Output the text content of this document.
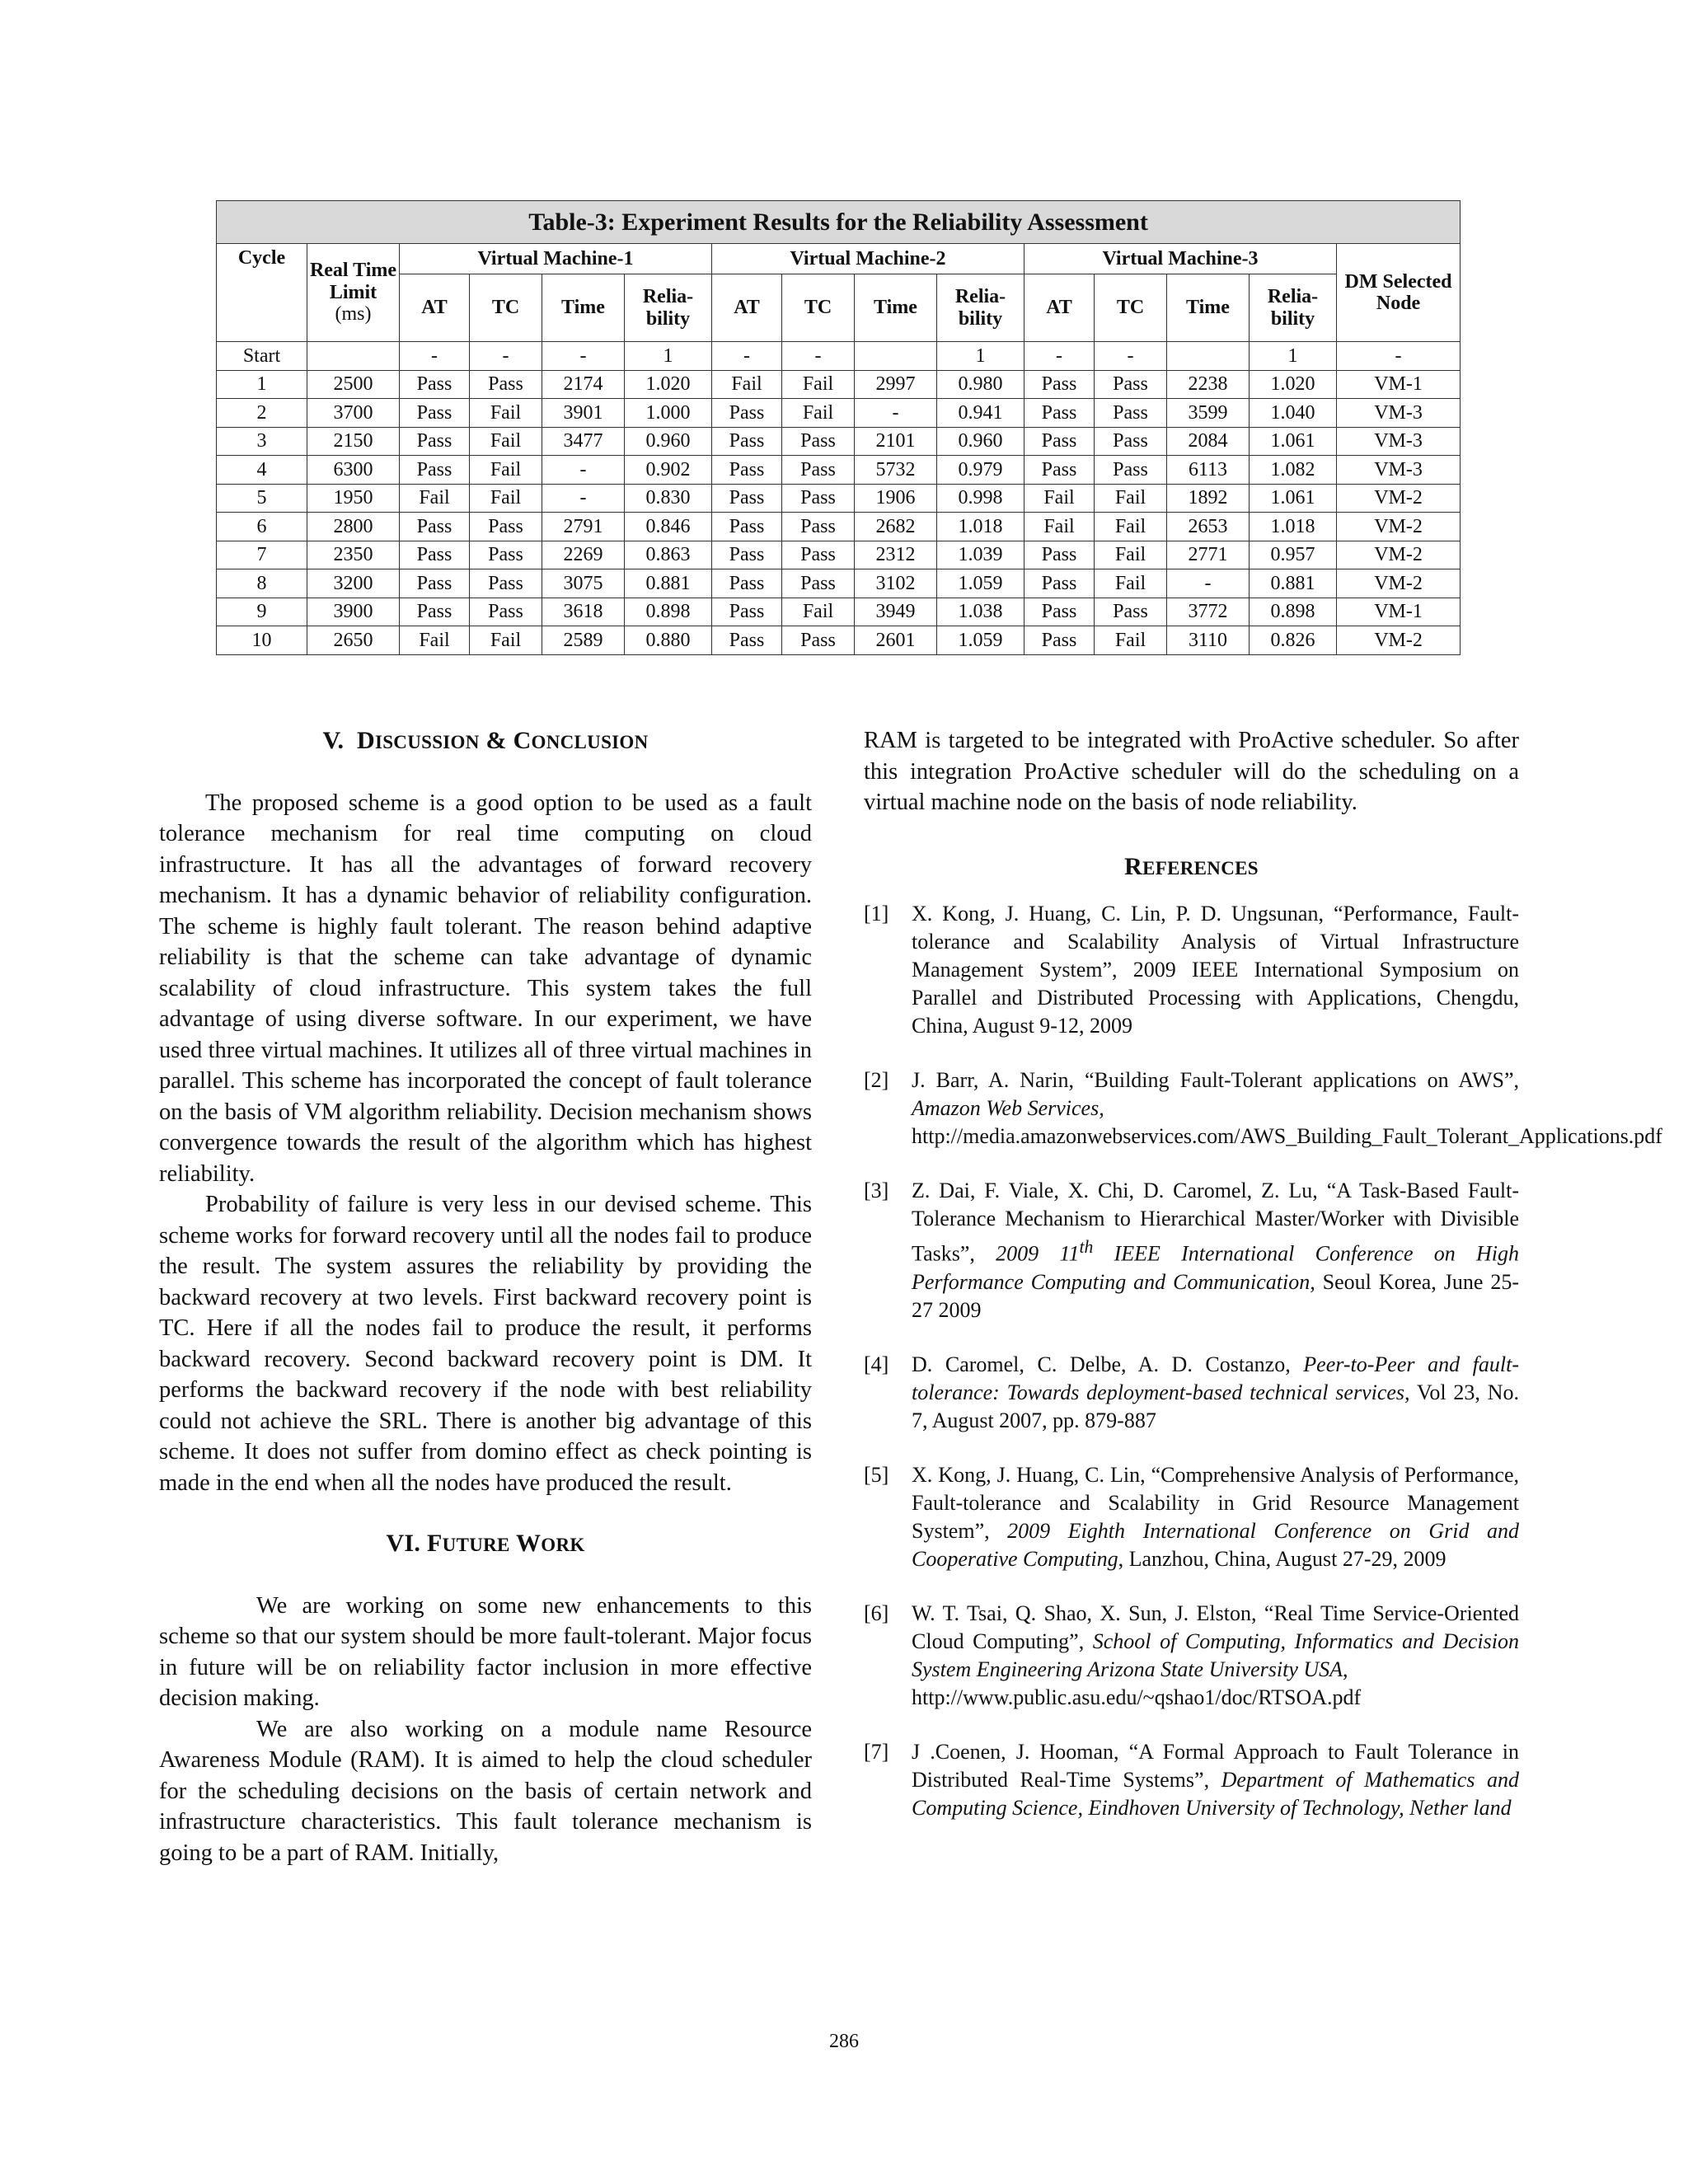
Table-3: Experiment Results for the Reliability Assessment														
Cycle	Real Time Limit
(ms)	Virtual Machine-1				Virtual Machine-2				Virtual Machine-3				DM Selected Node
		AT	TC	Time	Relia-bility	AT	TC	Time	Relia-bility	AT	TC	Time	Relia-bility	
Start		-	-	-	1	-	-		1	-	-		1	-
1	2500	Pass	Pass	2174	1.020	Fail	Fail	2997	0.980	Pass	Pass	2238	1.020	VM-1
2	3700	Pass	Fail	3901	1.000	Pass	Fail	-	0.941	Pass	Pass	3599	1.040	VM-3
3	2150	Pass	Fail	3477	0.960	Pass	Pass	2101	0.960	Pass	Pass	2084	1.061	VM-3
4	6300	Pass	Fail	-	0.902	Pass	Pass	5732	0.979	Pass	Pass	6113	1.082	VM-3
5	1950	Fail	Fail	-	0.830	Pass	Pass	1906	0.998	Fail	Fail	1892	1.061	VM-2
6	2800	Pass	Pass	2791	0.846	Pass	Pass	2682	1.018	Fail	Fail	2653	1.018	VM-2
7	2350	Pass	Pass	2269	0.863	Pass	Pass	2312	1.039	Pass	Fail	2771	0.957	VM-2
8	3200	Pass	Pass	3075	0.881	Pass	Pass	3102	1.059	Pass	Fail	-	0.881	VM-2
9	3900	Pass	Pass	3618	0.898	Pass	Fail	3949	1.038	Pass	Pass	3772	0.898	VM-1
10	2650	Fail	Fail	2589	0.880	Pass	Pass	2601	1.059	Pass	Fail	3110	0.826	VM-2
V. DISCUSSION & CONCLUSION

The proposed scheme is a good option to be used as a fault tolerance mechanism for real time computing on cloud infrastructure. It has all the advantages of forward recovery mechanism. It has a dynamic behavior of reliability configuration. The scheme is highly fault tolerant. The reason behind adaptive reliability is that the scheme can take advantage of dynamic scalability of cloud infrastructure. This system takes the full advantage of using diverse software. In our experiment, we have used three virtual machines. It utilizes all of three virtual machines in parallel. This scheme has incorporated the concept of fault tolerance on the basis of VM algorithm reliability. Decision mechanism shows convergence towards the result of the algorithm which has highest reliability.

Probability of failure is very less in our devised scheme. This scheme works for forward recovery until all the nodes fail to produce the result. The system assures the reliability by providing the backward recovery at two levels. First backward recovery point is TC. Here if all the nodes fail to produce the result, it performs backward recovery. Second backward recovery point is DM. It performs the backward recovery if the node with best reliability could not achieve the SRL. There is another big advantage of this scheme. It does not suffer from domino effect as check pointing is made in the end when all the nodes have produced the result.

VI. FUTURE WORK

We are working on some new enhancements to this scheme so that our system should be more fault-tolerant. Major focus in future will be on reliability factor inclusion in more effective decision making.

We are also working on a module name Resource Awareness Module (RAM). It is aimed to help the cloud scheduler for the scheduling decisions on the basis of certain network and infrastructure characteristics. This fault tolerance mechanism is going to be a part of RAM. Initially,

RAM is targeted to be integrated with ProActive scheduler. So after this integration ProActive scheduler will do the scheduling on a virtual machine node on the basis of node reliability.

REFERENCES
[1] X. Kong, J. Huang, C. Lin, P. D. Ungsunan, “Performance, Fault-tolerance and Scalability Analysis of Virtual Infrastructure Management System”, 2009 IEEE International Symposium on Parallel and Distributed Processing with Applications, Chengdu, China, August 9-12, 2009
[2] J. Barr, A. Narin, “Building Fault-Tolerant applications on AWS”, Amazon Web Services,
http://media.amazonwebservices.com/AWS_Building_Fault_Tolerant_Applications.pdf
[3] Z. Dai, F. Viale, X. Chi, D. Caromel, Z. Lu, “A Task-Based Fault-Tolerance Mechanism to Hierarchical Master/Worker with Divisible Tasks”, 2009 11th IEEE International Conference on High Performance Computing and Communication, Seoul Korea, June 25-27 2009
[4] D. Caromel, C. Delbe, A. D. Costanzo, Peer-to-Peer and fault-tolerance: Towards deployment-based technical services, Vol 23, No. 7, August 2007, pp. 879-887
[5] X. Kong, J. Huang, C. Lin, “Comprehensive Analysis of Performance, Fault-tolerance and Scalability in Grid Resource Management System”, 2009 Eighth International Conference on Grid and Cooperative Computing, Lanzhou, China, August 27-29, 2009
[6] W. T. Tsai, Q. Shao, X. Sun, J. Elston, “Real Time Service-Oriented Cloud Computing”, School of Computing, Informatics and Decision System Engineering Arizona State University USA,
http://www.public.asu.edu/~qshao1/doc/RTSOA.pdf
[7] J .Coenen, J. Hooman, “A Formal Approach to Fault Tolerance in Distributed Real-Time Systems”, Department of Mathematics and Computing Science, Eindhoven University of Technology, Nether land
286
